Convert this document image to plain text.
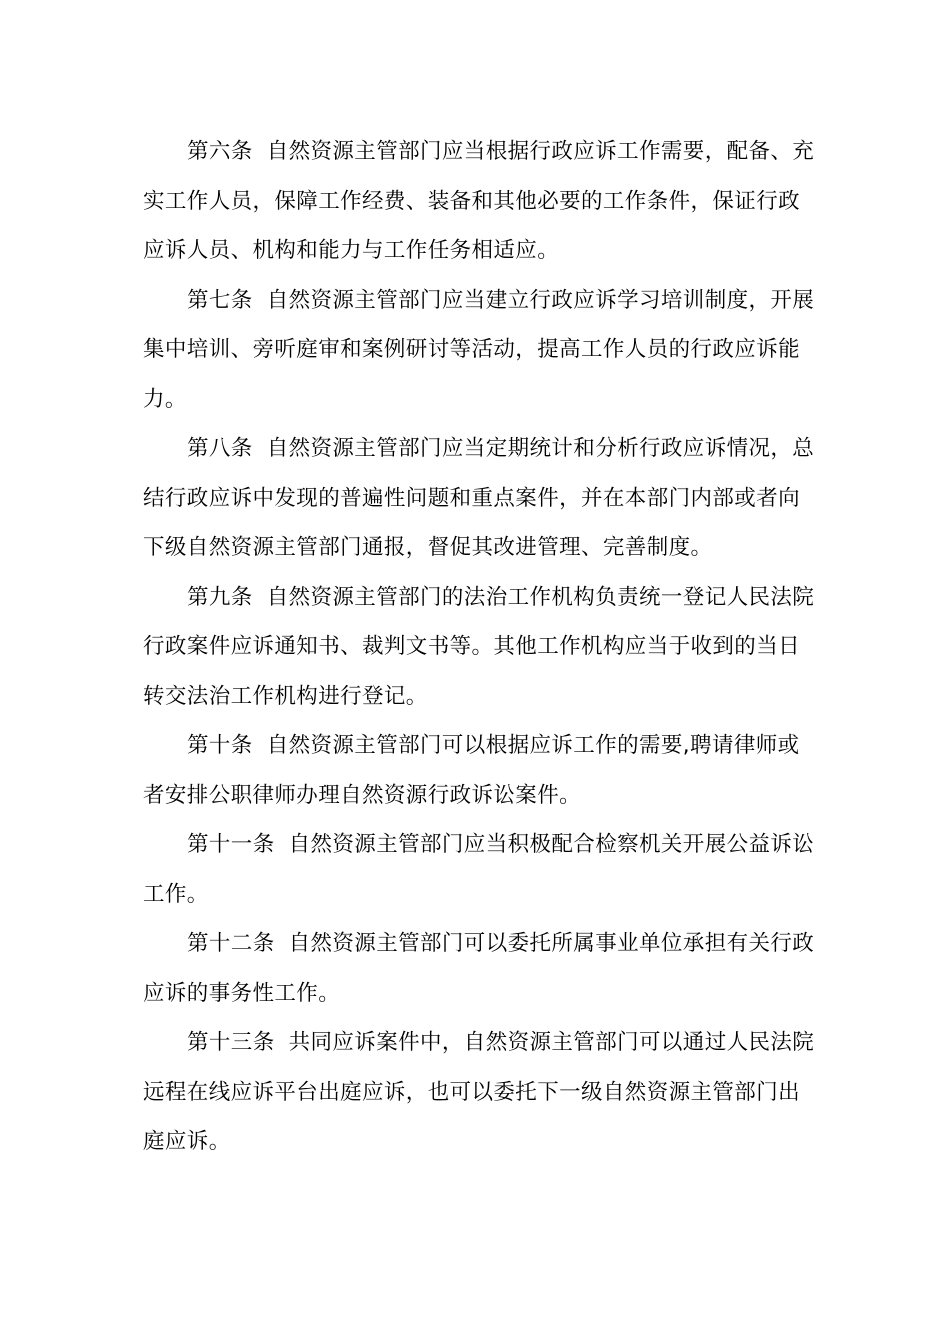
第六条 自然资源主管部门应当根据行政应诉工作需要，配备、充
实工作人员，保障工作经费、装备和其他必要的工作条件，保证行政
应诉人员、机构和能力与工作任务相适应。
第七条 自然资源主管部门应当建立行政应诉学习培训制度，开展
集中培训、旁听庭审和案例研讨等活动，提高工作人员的行政应诉能
力。
第八条 自然资源主管部门应当定期统计和分析行政应诉情况，总
结行政应诉中发现的普遍性问题和重点案件，并在本部门内部或者向
下级自然资源主管部门通报，督促其改进管理、完善制度。
第九条 自然资源主管部门的法治工作机构负责统一登记人民法院
行政案件应诉通知书、裁判文书等。其他工作机构应当于收到的当日
转交法治工作机构进行登记。
第十条 自然资源主管部门可以根据应诉工作的需要,聘请律师或
者安排公职律师办理自然资源行政诉讼案件。
第十一条 自然资源主管部门应当积极配合检察机关开展公益诉讼
工作。
第十二条 自然资源主管部门可以委托所属事业单位承担有关行政
应诉的事务性工作。
第十三条 共同应诉案件中，自然资源主管部门可以通过人民法院
远程在线应诉平台出庭应诉，也可以委托下一级自然资源主管部门出
庭应诉。
